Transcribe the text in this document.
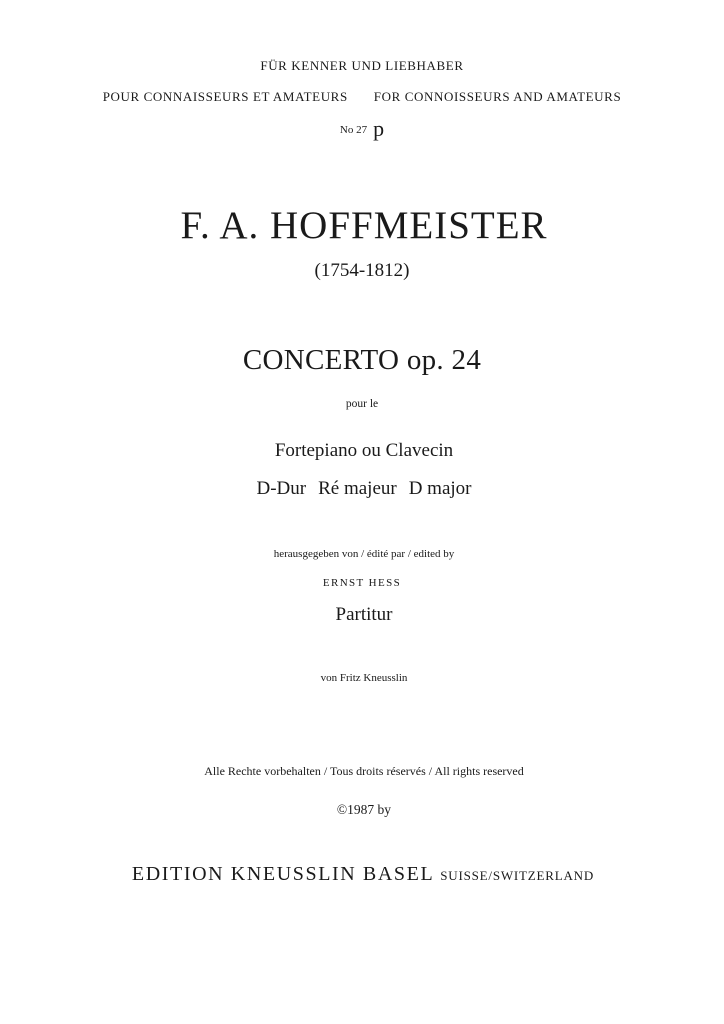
FÜR KENNER UND LIEBHABER
POUR CONNAISSEURS ET AMATEURS FOR CONNOISSEURS AND AMATEURS
No 27 p
F. A. HOFFMEISTER
(1754-1812)
CONCERTO op. 24
pour le
Fortepiano ou Clavecin
D-Dur Ré majeur D major
herausgegeben von / édité par / edited by
ERNST HESS
Partitur
von Fritz Kneusslin
Alle Rechte vorbehalten / Tous droits réservés / All rights reserved
©1987 by
EDITION KNEUSSLIN BASEL SUISSE/SWITZERLAND
